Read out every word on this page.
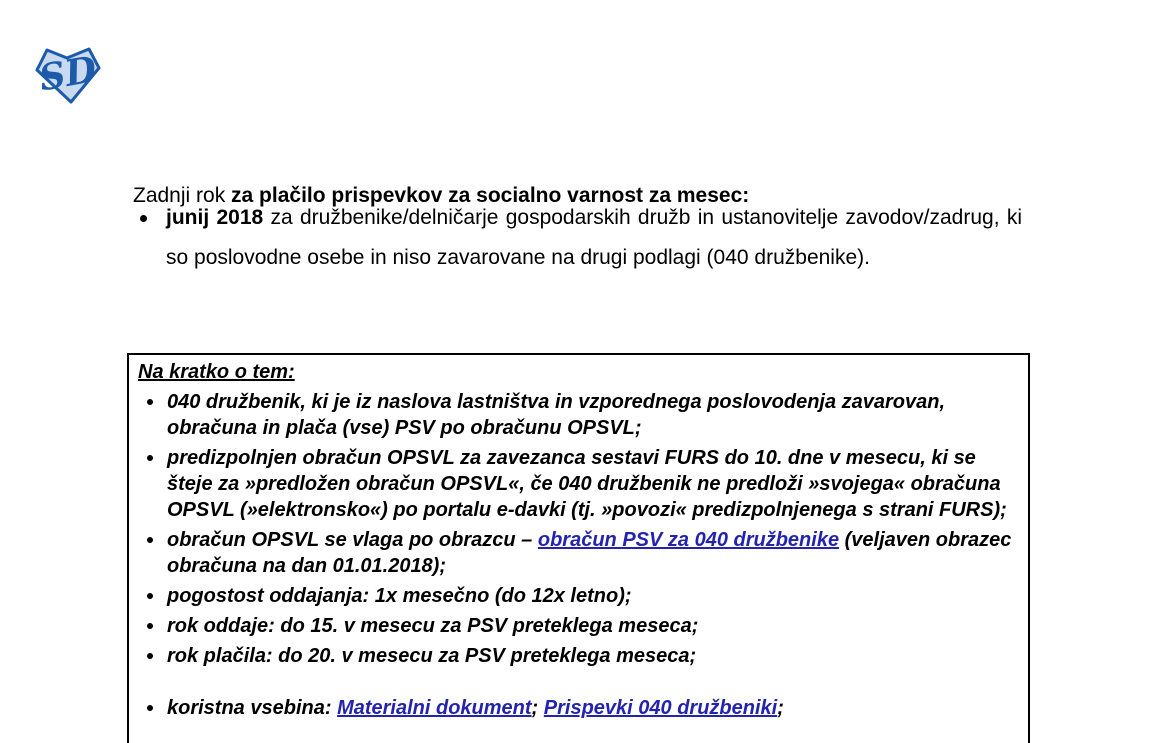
SD

Zadnji rok za plačilo prispevkov za socialno varnost za mesec:

junij 2018 za družbenike/delničarje gospodarskih družb in ustanovitelje zavodov/zadrug, ki so poslovodne osebe in niso zavarovane na drugi podlagi (040 družbenike).
Na kratko o tem:
040 družbenik, ki je iz naslova lastništva in vzporednega poslovodenja zavarovan, obračuna in plača (vse) PSV po obračunu OPSVL;
predizpolnjen obračun OPSVL za zavezanca sestavi FURS do 10. dne v mesecu, ki se šteje za »predložen obračun OPSVL«, če 040 družbenik ne predloži »svojega« obračuna OPSVL (»elektronsko«) po portalu e-davki (tj. »povozi« predizpolnjenega s strani FURS);
obračun OPSVL se vlaga po obrazcu – obračun PSV za 040 družbenike (veljaven obrazec obračuna na dan 01.01.2018);
pogostost oddajanja: 1x mesečno (do 12x letno);
rok oddaje: do 15. v mesecu za PSV preteklega meseca;
rok plačila: do 20. v mesecu za PSV preteklega meseca;
koristna vsebina: Materialni dokument; Prispevki 040 družbeniki;
